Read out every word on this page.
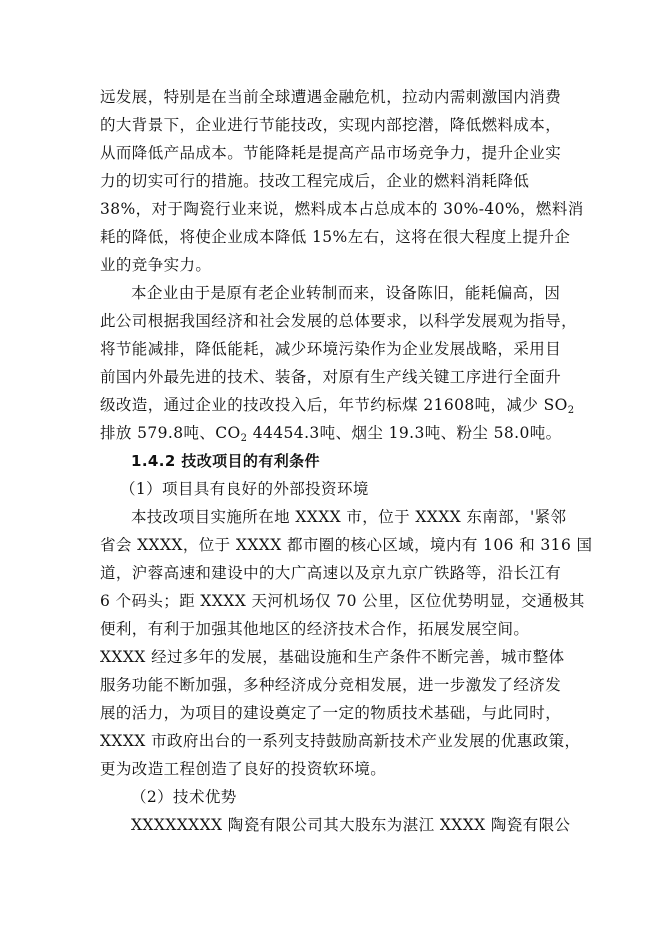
远发展，特别是在当前全球遭遇金融危机，拉动内需刺激国内消费
的大背景下，企业进行节能技改，实现内部挖潜，降低燃料成本，
从而降低产品成本。节能降耗是提高产品市场竞争力，提升企业实
力的切实可行的措施。技改工程完成后，企业的燃料消耗降低
38%，对于陶瓷行业来说，燃料成本占总成本的 30%-40%，燃料消
耗的降低，将使企业成本降低 15%左右，这将在很大程度上提升企
业的竞争实力。
本企业由于是原有老企业转制而来，设备陈旧，能耗偏高，因
此公司根据我国经济和社会发展的总体要求，以科学发展观为指导，
将节能减排，降低能耗，减少环境污染作为企业发展战略，采用目
前国内外最先进的技术、装备，对原有生产线关键工序进行全面升
级改造，通过企业的技改投入后，年节约标煤 21608吨，减少 $SO_2$
排放 579.8吨、$CO_2$ 44454.3吨、烟尘 19.3吨、粉尘 58.0吨。
1.4.2 技改项目的有利条件
（1）项目具有良好的外部投资环境
本技改项目实施所在地 XXXX 市，位于 XXXX 东南部，'紧邻
省会 XXXX，位于 XXXX 都市圈的核心区域，境内有 106 和 316 国
道，沪蓉高速和建设中的大广高速以及京九京广铁路等，沿长江有
6 个码头；距 XXXX 天河机场仅 70 公里，区位优势明显，交通极其
便利，有利于加强其他地区的经济技术合作，拓展发展空间。
XXXX 经过多年的发展，基础设施和生产条件不断完善，城市整体
服务功能不断加强，多种经济成分竞相发展，进一步激发了经济发
展的活力，为项目的建设奠定了一定的物质技术基础，与此同时，
XXXX 市政府出台的一系列支持鼓励高新技术产业发展的优惠政策，
更为改造工程创造了良好的投资软环境。
（2）技术优势
XXXXXXXX 陶瓷有限公司其大股东为湛江 XXXX 陶瓷有限公
